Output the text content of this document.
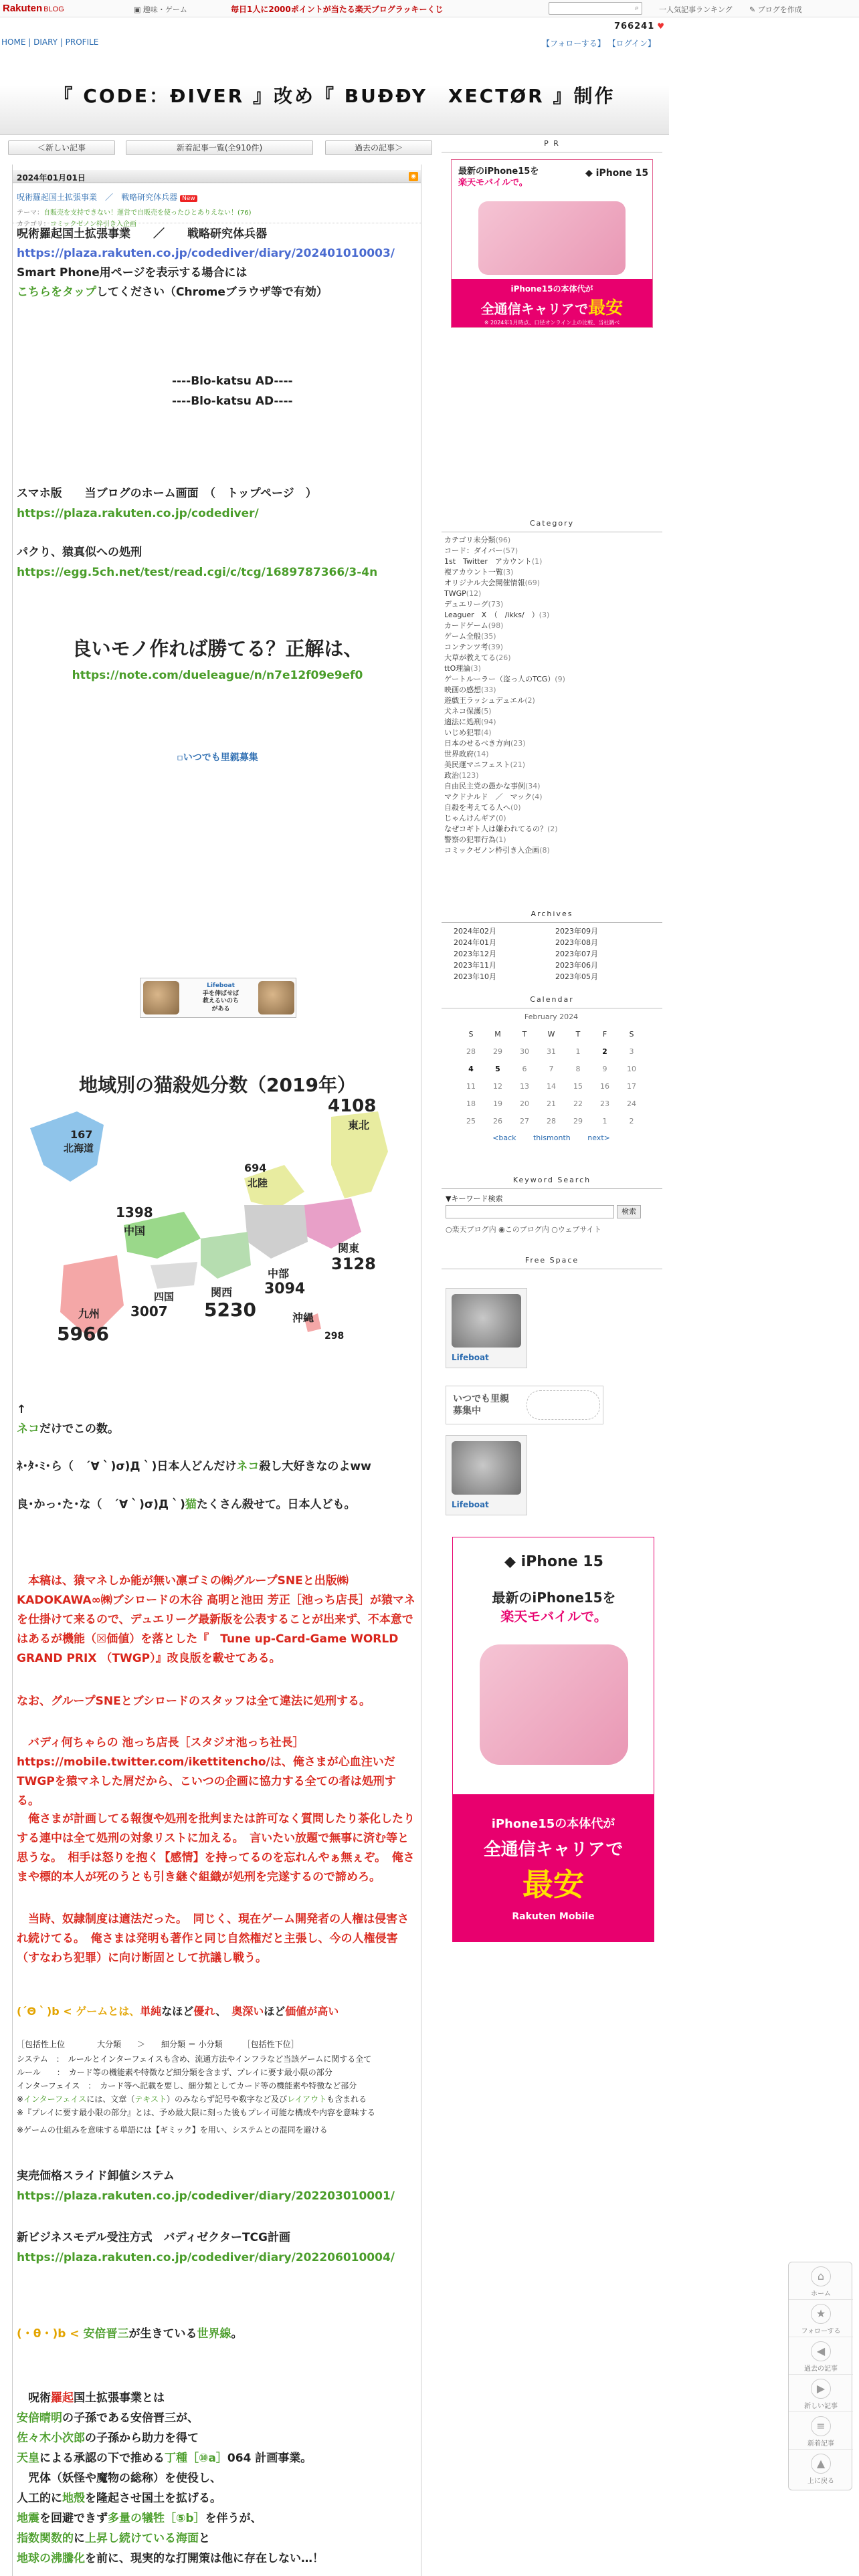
Rakuten BLOG	▣ 趣味・ゲーム	毎日1人に2000ポイントが当たる楽天ブログラッキーくじ	⌕	一人気記事ランキング ✎ ブログを作成
766241 ♥
HOME | DIARY | PROFILE	【フォローする】 【ログイン】
『 CODE：ĐIVER 』改め『 BUĐĐY　XECTØR 』制作
＜新しい記事	新着記事一覧(全910件)	過去の記事＞
2024年01月01日	◉
呪術羅起国土拡張事業　 ／　 戦略研究体兵器 New
テーマ：自販売を支持できない！運営で自販売を使ったひとありえない！(76)
カテゴリ：コミックゼノン枠引き入企画
呪術羅起国土拡張事業　　／　　戦略研究体兵器
https://plaza.rakuten.co.jp/codediver/diary/202401010003/
Smart Phone用ページを表示する場合には
こちらをタップしてください（Chromeブラウザ等で有効）
----Blo-katsu AD----
----Blo-katsu AD----
スマホ版　　当ブログのホーム画面　（　トップページ　）
https://plaza.rakuten.co.jp/codediver/
パクり、猿真似への処刑
https://egg.5ch.net/test/read.cgi/c/tcg/1689787366/3-4n
良いモノ作れば勝てる？正解は、
https://note.com/dueleague/n/n7e12f09e9ef0
▫いつでも里親募集
Lifeboat
手を伸ばせば救えるいのちがある
地域別の猫殺処分数（2019年）
167
北海道
4108
東北
694
北陸
1398
中国
3128
関東
3094
中部
5230
関西
3007
四国
5966
九州
298
沖縄
↑
ネコだけでこの数。
ﾈ･ﾀ･ﾐ･ら（　´∀｀)σ)Д｀)日本人どんだけネコ殺し大好きなのよww
良･かっ･た･な（　´∀｀)σ)Д｀)猫たくさん殺せて。日本人ども。
　本稿は、猿マネしか能が無い凛ゴミの㈱グループSNEと出版㈱KADOKAWA∞㈱ブシロードの木谷 高明と池田 芳正［池っち店長］が猿マネを仕掛けて来るので、デュエリーグ最新版を公表することが出来ず、不本意ではあるが機能（☒価値）を落とした『　Tune up-Card-Game WORLD GRAND PRIX （TWGP）』改良版を載せてある。
なお、グループSNEとブシロードのスタッフは全て違法に処刑する。
　バディ何ちゃらの 池っち店長［スタジオ池っち社長］https://mobile.twitter.com/ikettitencho/は、俺さまが心血注いだTWGPを猿マネした屑だから、こいつの企画に協力する全ての者は処刑する。
　俺さまが計画してる報復や処刑を批判または許可なく質問したり茶化したりする連中は全て処刑の対象リストに加える。　言いたい放題で無事に済む等と思うな。　相手は怒りを抱く【感情】を持ってるのを忘れんやぁ無ぇぞ。　俺さまや標的本人が死のうとも引き継ぐ組織が処刑を完遂するので諦めろ。
　当時、奴隷制度は適法だった。　同じく、現在ゲーム開発者の人権は侵害され続けてる。　俺さまは発明も著作と同じ自然権だと主張し、今の人権侵害（すなわち犯罪）に向け断固として抗議し戦う。
(´Θ｀)b < ゲームとは、単純なほど優れ、　奥深いほど価値が高い
［包括性上位　　　　大分類　　＞　　細分類 ＝ 小分類　　　［包括性下位］
システム　：　ルールとインターフェイスも含め、流通方法やインフラなど当該ゲームに関する全て
ルール　　：　カード等の機能素や特徴など細分類を含まず、プレイに要す最小限の部分
インターフェイス　：　カード等へ記載を要し、細分類としてカード等の機能素や特徴など部分
※インターフェイスには、文章（テキスト）のみならず記号や数字など及びレイアウトも含まれる
※『プレイに要す最小限の部分』とは、予め最大限に刻った後もプレイ可能な構成や内容を意味する
※ゲームの仕組みを意味する単語には【ギミック】を用い、システムとの混同を避ける
実売価格スライド卸値システム
https://plaza.rakuten.co.jp/codediver/diary/202203010001/
新ビジネスモデル受注方式　バディゼクターTCG計画
https://plaza.rakuten.co.jp/codediver/diary/202206010004/
(・θ・)b < 安倍晋三が生きている世界線。
　呪術羅起国土拡張事業とは
安倍晴明の子孫である安倍晋三が、
佐々木小次郎の子孫から助力を得て
天皇による承認の下で推める丁種［⑩a］064 計画事業。
　咒体（妖怪や魔物の総称）を使役し、
人工的に地殻を隆起させ国土を拡げる。
地震を回避できず多量の犠牲［⑤b］を伴うが、
指数関数的に上昇し続けている海面と
地球の沸騰化を前に、現実的な打開策は他に存在しない…！
P R
最新のiPhone15を
楽天モバイルで。
◆ iPhone 15
iPhone15の本体代が
全通信キャリアで最安
※ 2024年1月時点、口径オンライン上の比較、当社調べ
Category
カテゴリ未分類(96)
コード：ダイバー(57)
1st　Twitter　アカウント(1)
複アカウント一覧(3)
オリジナル大会開催情報(69)
TWGP(12)
デュエリーグ(73)
Leaguer　X　（　/ikks/　）(3)
カードゲーム(98)
ゲーム全般(35)
コンテンツ考(39)
大草が教えてる(26)
ttO理論(3)
ゲートルーラー（盗っ人のTCG）(9)
映画の感想(33)
遊戯王ラッシュデュエル(2)
犬ネコ保護(5)
適法に処刑(94)
いじめ犯罪(4)
日本のせるべき方向(23)
世界政府(14)
美民運マニフェスト(21)
政治(123)
自由民主党の愚かな事例(34)
マクドナルド　／　マック(4)
自殺を考えてる人へ(0)
じゃんけんギア(0)
なぜコギト人は嫌われてるの？(2)
警察の犯罪行為(1)
コミックゼノン枠引き入企画(8)
Archives
2024年02月
2024年01月
2023年12月
2023年11月
2023年10月
2023年09月
2023年08月
2023年07月
2023年06月
2023年05月
Calendar
February 2024
S	M	T	W	T	F	S
28	29	30	31	1	2	3
4	5	6	7	8	9	10
11	12	13	14	15	16	17
18	19	20	21	22	23	24
25	26	27	28	29	1	2
<back　　 thismonth　　 next>
Keyword Search
▼キーワード検索
検索
○楽天ブログ内 ◉このブログ内 ○ウェブサイト
Free Space
Lifeboat
いつでも里親募集中
Lifeboat
◆ iPhone 15
最新のiPhone15を
楽天モバイルで。
iPhone15の本体代が
全通信キャリアで
最安
Rakuten Mobile
⌂
ホーム
★
フォローする
◀
過去の記事
▶
新しい記事
≡
新着記事
▲
上に戻る
